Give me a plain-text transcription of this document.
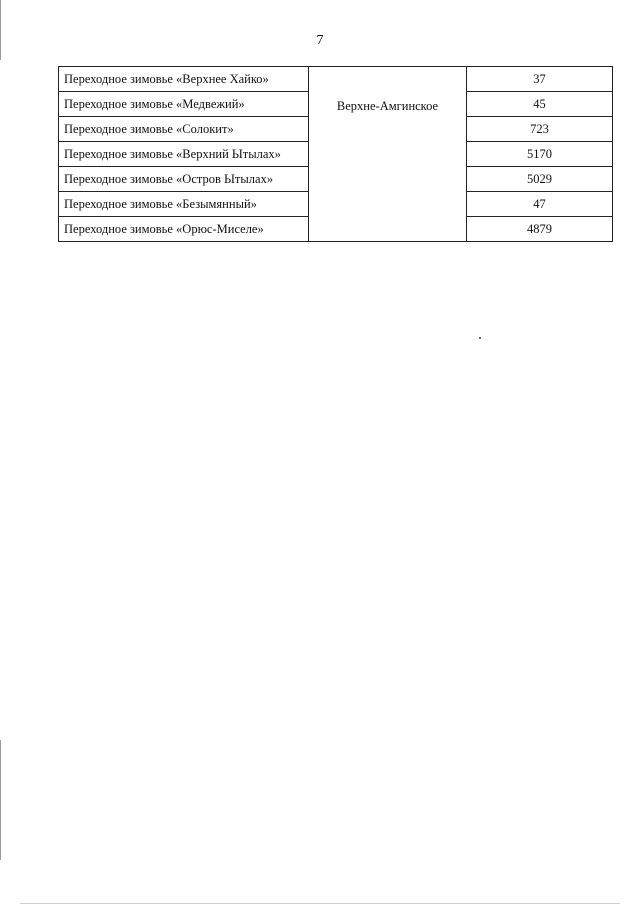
7
Переходное зимовье «Верхнее Хайко»	Верхне-Амгинское	37
Переходное зимовье «Медвежий»		45
Переходное зимовье «Солокит»		723
Переходное зимовье «Верхний Ытылах»		5170
Переходное зимовье «Остров Ытылах»		5029
Переходное зимовье «Безымянный»		47
Переходное зимовье «Орюс-Миселе»		4879
